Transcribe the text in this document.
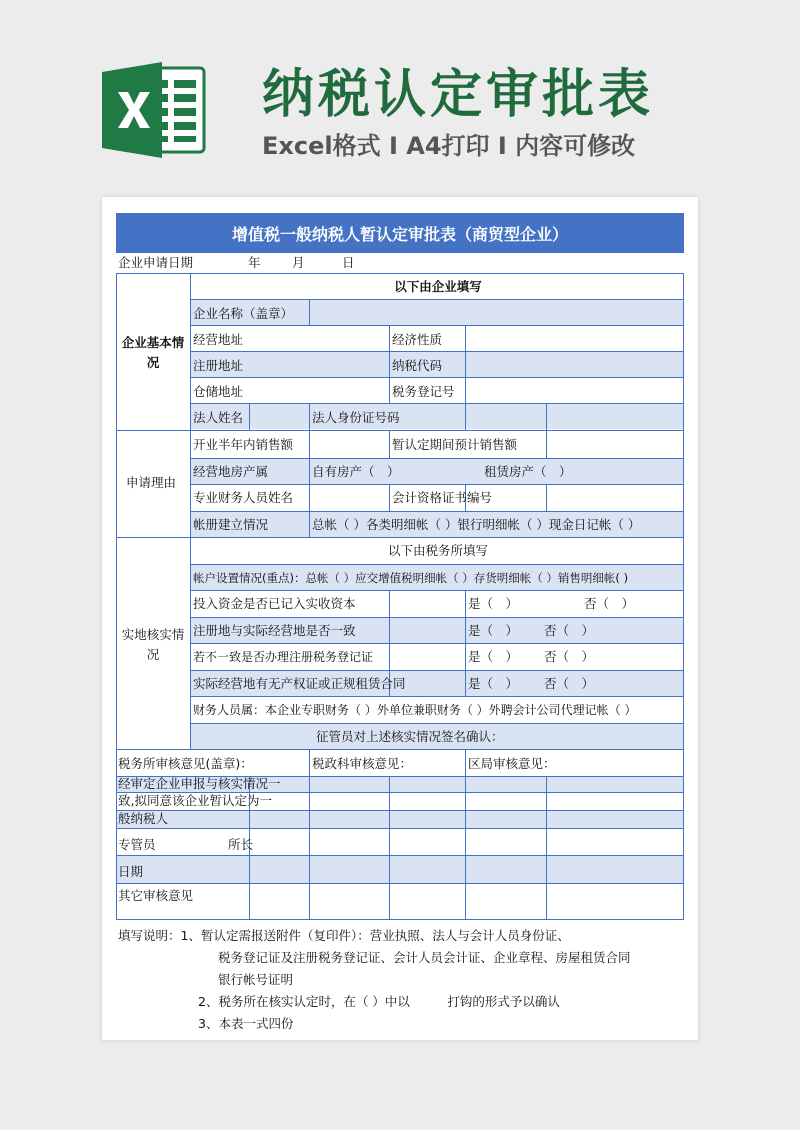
纳税认定审批表
Excel格式 I A4打印 I 内容可修改
增值税一般纳税人暂认定审批表（商贸型企业）
企业申请日期	年	月	日
以下由企业填写
企业基本情况
企业名称（盖章）
经营地址	经济性质
注册地址	纳税代码
仓储地址	税务登记号
法人姓名	法人身份证号码
申请理由
开业半年内销售额	暂认定期间预计销售额
经营地房产属	自有房产（　）	租赁房产（　）
专业财务人员姓名	会计资格证书编号
帐册建立情况	总帐（ ）各类明细帐（ ）银行明细帐（ ）现金日记帐（ ）
实地核实情况
以下由税务所填写
帐户设置情况(重点)：总帐（ ）应交增值税明细帐（ ）存货明细帐（ ）销售明细帐( )
投入资金是否已记入实收资本	是（　）	否（　）
注册地与实际经营地是否一致	是（　） 否（　）
若不一致是否办理注册税务登记证	是（　） 否（　）
实际经营地有无产权证或正规租赁合同	是（　） 否（　）
财务人员属：本企业专职财务（ ）外单位兼职财务（ ）外聘会计公司代理记帐（ ）
征管员对上述核实情况签名确认：
税务所审核意见(盖章)：	税政科审核意见：	区局审核意见：
经审定企业申报与核实情况一
致,拟同意该企业暂认定为一
般纳税人
专管员	所长
日期
其它审核意见
填写说明：1、暂认定需报送附件（复印件）：营业执照、法人与会计人员身份证、
税务登记证及注册税务登记证、会计人员会计证、企业章程、房屋租赁合同
银行帐号证明
2、税务所在核实认定时，在（ ）中以　　　打钩的形式予以确认
3、本表一式四份
